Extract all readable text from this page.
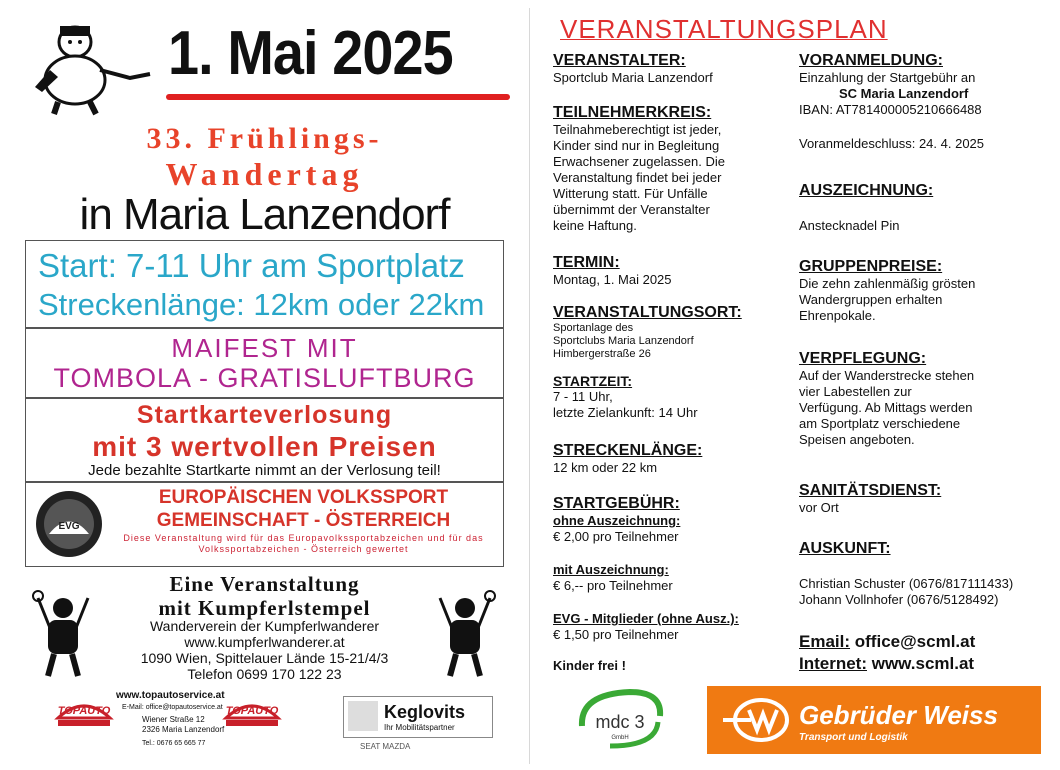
1. Mai 2025
33. Frühlings-
Wandertag
in Maria Lanzendorf
Start: 7-11 Uhr am Sportplatz
Streckenlänge: 12km oder 22km
MAIFEST MIT
TOMBOLA - GRATISLUFTBURG
Startkarteverlosung
mit 3 wertvollen Preisen
Jede bezahlte Startkarte nimmt an der Verlosung teil!
EVG
EUROPÄISCHEN VOLKSSPORT
GEMEINSCHAFT - ÖSTERREICH
Diese Veranstaltung wird für das Europavolkssportabzeichen und für das
Volkssportabzeichen - Österreich gewertet
Eine Veranstaltung
mit Kumpferlstempel
Wanderverein der Kumpferlwanderer
www.kumpferlwanderer.at
1090 Wien, Spittelauer Lände 15-21/4/3
Telefon 0699 170 122 23
TOPAUTO
www.topautoservice.at
E-Mail: office@topautoservice.at
Wiener Straße 12
2326 Maria Lanzendorf
Tel.: 0676 65 665 77
TOPAUTO	Keglovits
Ihr Mobilitätspartner
SEAT MAZDA
VERANSTALTUNGSPLAN
VERANSTALTER:

Sportclub Maria Lanzendorf

TEILNEHMERKREIS:

Teilnahmeberechtigt ist jeder,

Kinder sind nur in Begleitung

Erwachsener zugelassen. Die

Veranstaltung findet bei jeder

Witterung statt. Für Unfälle

übernimmt der Veranstalter

keine Haftung.

TERMIN:

Montag, 1. Mai 2025

VERANSTALTUNGSORT:

Sportanlage des

Sportclubs Maria Lanzendorf

Himbergerstraße 26

STARTZEIT:

7 - 11 Uhr,

letzte Zielankunft: 14 Uhr

STRECKENLÄNGE:

12 km oder 22 km

STARTGEBÜHR:

ohne Auszeichnung:

€ 2,00 pro Teilnehmer

mit Auszeichnung:

€ 6,-- pro Teilnehmer

EVG - Mitglieder (ohne Ausz.):

€ 1,50 pro Teilnehmer

Kinder frei !

VORANMELDUNG:

Einzahlung der Startgebühr an

SC Maria Lanzendorf

IBAN: AT781400005210666488

Voranmeldeschluss: 24. 4. 2025

AUSZEICHNUNG:

Anstecknadel Pin

GRUPPENPREISE:

Die zehn zahlenmäßig grösten

Wandergruppen erhalten

Ehrenpokale.

VERPFLEGUNG:

Auf der Wanderstrecke stehen

vier Labestellen zur

Verfügung. Ab Mittags werden

am Sportplatz verschiedene

Speisen angeboten.

SANITÄTSDIENST:

vor Ort

AUSKUNFT:

Christian Schuster (0676/817111433)

Johann Vollnhofer (0676/5128492)

Email: office@scml.at
Internet: www.scml.at
mdc 3
GmbH
Gebrüder Weiss
Transport und Logistik
